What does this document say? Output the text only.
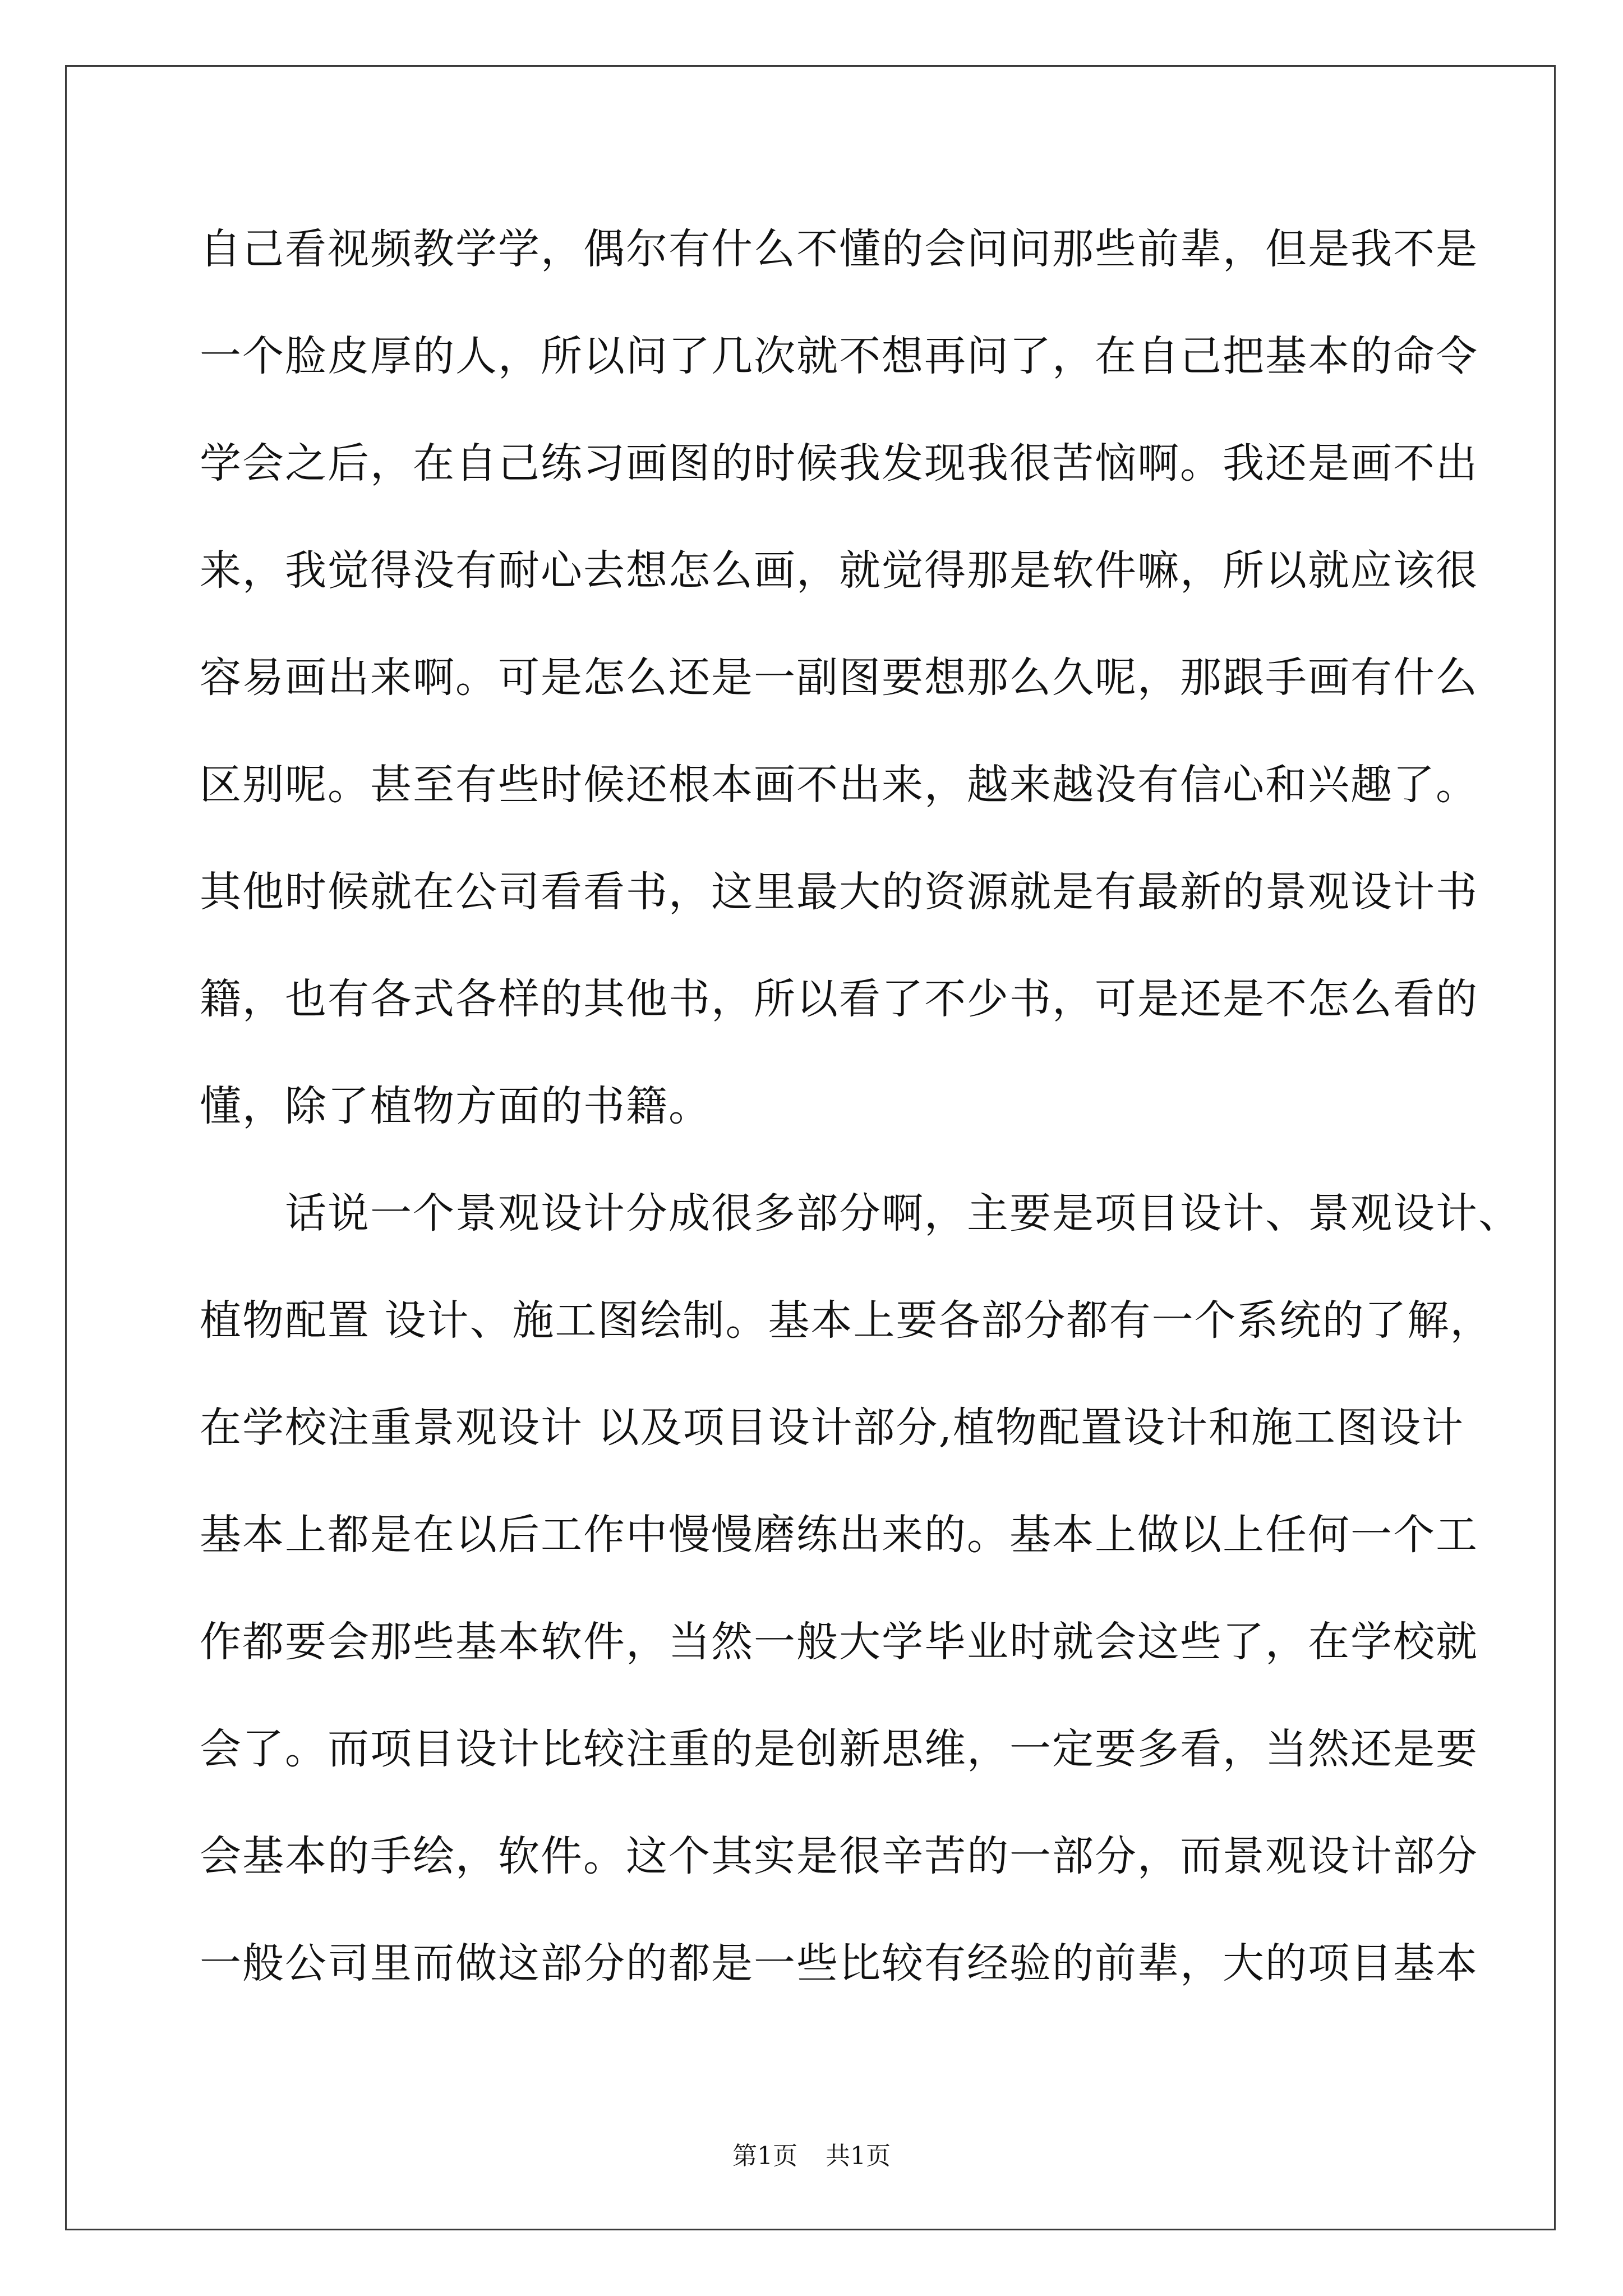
自己看视频教学学，偶尔有什么不懂的会问问那些前辈，但是我不是
一个脸皮厚的人，所以问了几次就不想再问了，在自己把基本的命令
学会之后，在自己练习画图的时候我发现我很苦恼啊。我还是画不出
来，我觉得没有耐心去想怎么画，就觉得那是软件嘛，所以就应该很
容易画出来啊。可是怎么还是一副图要想那么久呢，那跟手画有什么
区别呢。甚至有些时候还根本画不出来，越来越没有信心和兴趣了。
其他时候就在公司看看书，这里最大的资源就是有最新的景观设计书
籍，也有各式各样的其他书，所以看了不少书，可是还是不怎么看的
懂，除了植物方面的书籍。
　　话说一个景观设计分成很多部分啊，主要是项目设计、景观设计、
植物配置 设计、施工图绘制。基本上要各部分都有一个系统的了解，
在学校注重景观设计 以及项目设计部分,植物配置设计和施工图设计
基本上都是在以后工作中慢慢磨练出来的。基本上做以上任何一个工
作都要会那些基本软件，当然一般大学毕业时就会这些了，在学校就
会了。而项目设计比较注重的是创新思维，一定要多看，当然还是要
会基本的手绘，软件。这个其实是很辛苦的一部分，而景观设计部分
一般公司里而做这部分的都是一些比较有经验的前辈，大的项目基本
第1页 共1页
